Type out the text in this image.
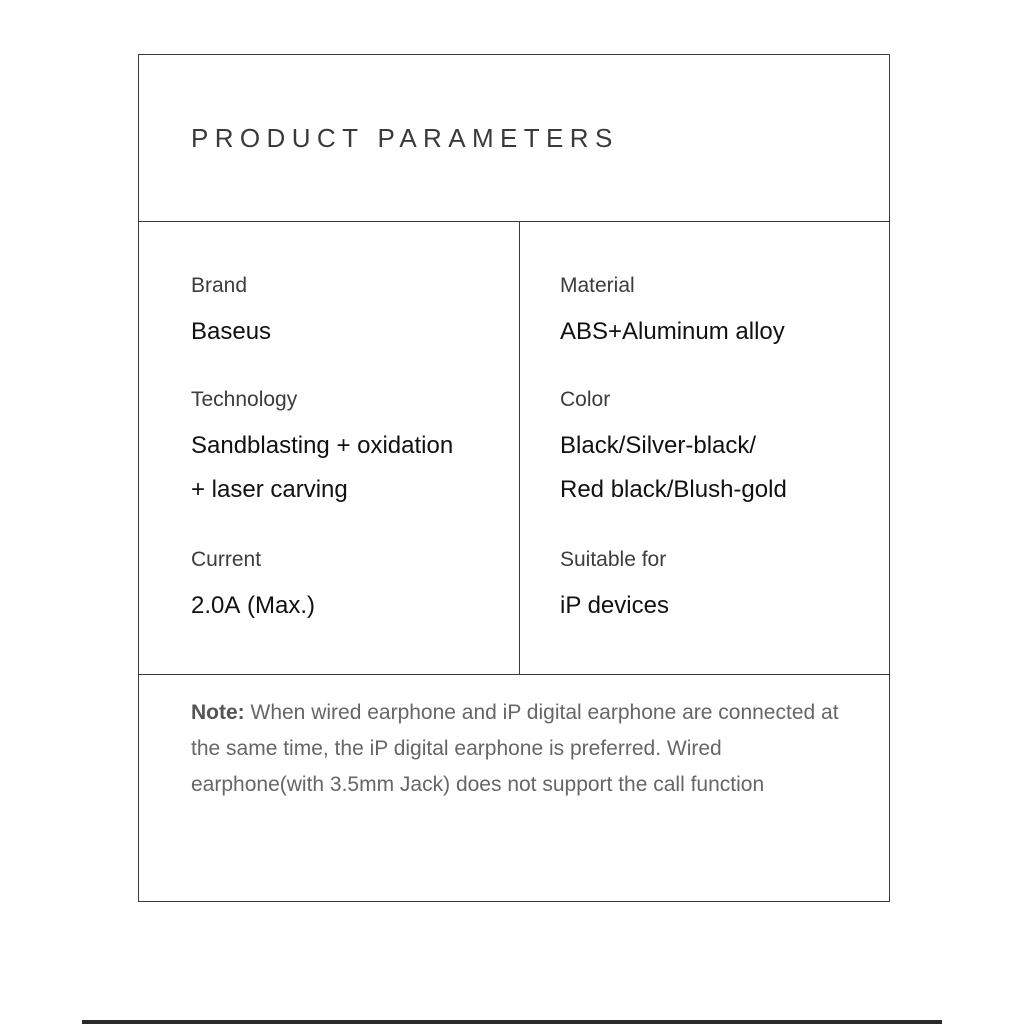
PRODUCT PARAMETERS
Brand
Baseus
Technology
Sandblasting + oxidation
+ laser carving
Current
2.0A (Max.)
Material
ABS+Aluminum alloy
Color
Black/Silver-black/
Red black/Blush-gold
Suitable for
iP devices
Note: When wired earphone and iP digital earphone are connected at the same time, the iP digital earphone is preferred. Wired earphone(with 3.5mm Jack) does not support the call function
